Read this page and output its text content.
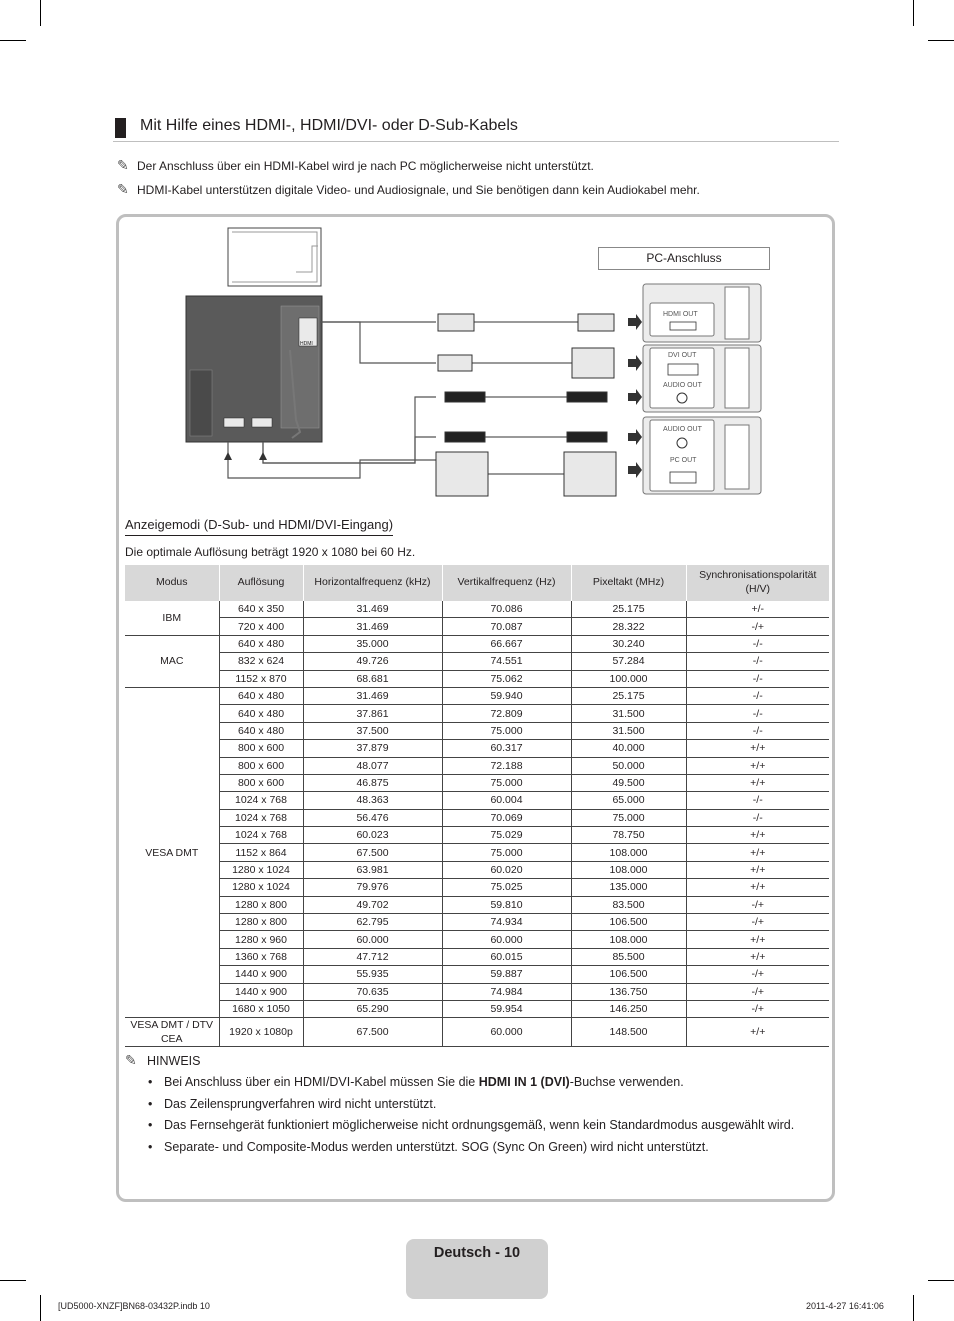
Mit Hilfe eines HDMI-, HDMI/DVI- oder D-Sub-Kabels
✎ Der Anschluss über ein HDMI-Kabel wird je nach PC möglicherweise nicht unterstützt.
✎ HDMI-Kabel unterstützen digitale Video- und Audiosignale, und Sie benötigen dann kein Audiokabel mehr.
HDMI
HDMI OUT
DVI OUT
AUDIO OUT
AUDIO OUT
PC OUT
PC-Anschluss
Anzeigemodi (D-Sub- und HDMI/DVI-Eingang)
Die optimale Auflösung beträgt 1920 x 1080 bei 60 Hz.
Modus	Auflösung	Horizontalfrequenz (kHz)	Vertikalfrequenz (Hz)	Pixeltakt (MHz)	Synchronisationspolarität (H/V)
IBM	640 x 350	31.469	70.086	25.175	+/-
	720 x 400	31.469	70.087	28.322	-/+
MAC	640 x 480	35.000	66.667	30.240	-/-
	832 x 624	49.726	74.551	57.284	-/-
	1152 x 870	68.681	75.062	100.000	-/-
VESA DMT	640 x 480	31.469	59.940	25.175	-/-
	640 x 480	37.861	72.809	31.500	-/-
	640 x 480	37.500	75.000	31.500	-/-
	800 x 600	37.879	60.317	40.000	+/+
	800 x 600	48.077	72.188	50.000	+/+
	800 x 600	46.875	75.000	49.500	+/+
	1024 x 768	48.363	60.004	65.000	-/-
	1024 x 768	56.476	70.069	75.000	-/-
	1024 x 768	60.023	75.029	78.750	+/+
	1152 x 864	67.500	75.000	108.000	+/+
	1280 x 1024	63.981	60.020	108.000	+/+
	1280 x 1024	79.976	75.025	135.000	+/+
	1280 x 800	49.702	59.810	83.500	-/+
	1280 x 800	62.795	74.934	106.500	-/+
	1280 x 960	60.000	60.000	108.000	+/+
	1360 x 768	47.712	60.015	85.500	+/+
	1440 x 900	55.935	59.887	106.500	-/+
	1440 x 900	70.635	74.984	136.750	-/+
	1680 x 1050	65.290	59.954	146.250	-/+
VESA DMT / DTV CEA	1920 x 1080p	67.500	60.000	148.500	+/+
✎ HINWEIS
• Bei Anschluss über ein HDMI/DVI-Kabel müssen Sie die HDMI IN 1 (DVI)-Buchse verwenden.
• Das Zeilensprungverfahren wird nicht unterstützt.
• Das Fernsehgerät funktioniert möglicherweise nicht ordnungsgemäß, wenn kein Standardmodus ausgewählt wird.
• Separate- und Composite-Modus werden unterstützt. SOG (Sync On Green) wird nicht unterstützt.
Deutsch - 10
[UD5000-XNZF]BN68-03432P.indb 10	2011-4-27 16:41:06
